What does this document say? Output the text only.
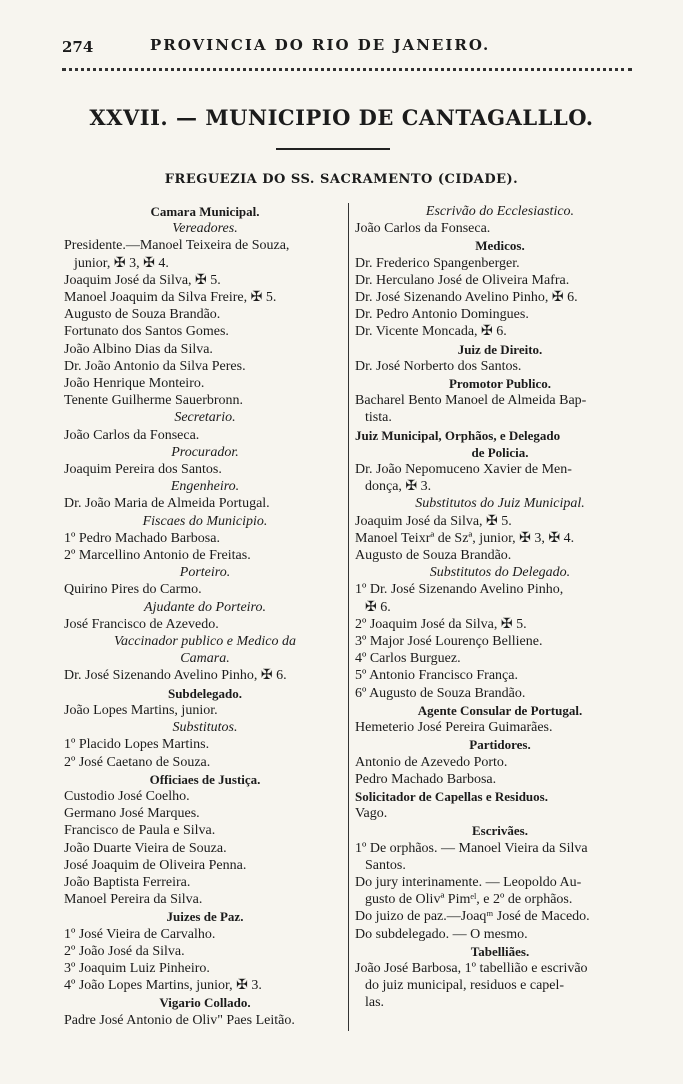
274	PROVINCIA DO RIO DE JANEIRO.
XXVII. — MUNICIPIO DE CANTAGALLLO.
FREGUEZIA DO SS. SACRAMENTO (CIDADE).
Camara Municipal.
Vereadores.
Presidente.—Manoel Teixeira de Souza,
junior, ✠ 3, ✠ 4.
Joaquim José da Silva, ✠ 5.
Manoel Joaquim da Silva Freire, ✠ 5.
Augusto de Souza Brandão.
Fortunato dos Santos Gomes.
João Albino Dias da Silva.
Dr. João Antonio da Silva Peres.
João Henrique Monteiro.
Tenente Guilherme Sauerbronn.
Secretario.
João Carlos da Fonseca.
Procurador.
Joaquim Pereira dos Santos.
Engenheiro.
Dr. João Maria de Almeida Portugal.
Fiscaes do Municipio.
1º Pedro Machado Barbosa.
2º Marcellino Antonio de Freitas.
Porteiro.
Quirino Pires do Carmo.
Ajudante do Porteiro.
José Francisco de Azevedo.
Vaccinador publico e Medico da
Camara.
Dr. José Sizenando Avelino Pinho, ✠ 6.
Subdelegado.
João Lopes Martins, junior.
Substitutos.
1º Placido Lopes Martins.
2º José Caetano de Souza.
Officiaes de Justiça.
Custodio José Coelho.
Germano José Marques.
Francisco de Paula e Silva.
João Duarte Vieira de Souza.
José Joaquim de Oliveira Penna.
João Baptista Ferreira.
Manoel Pereira da Silva.
Juizes de Paz.
1º José Vieira de Carvalho.
2º João José da Silva.
3º Joaquim Luiz Pinheiro.
4º João Lopes Martins, junior, ✠ 3.
Vigario Collado.
Padre José Antonio de Oliv" Paes Leitão.
Escrivão do Ecclesiastico.
João Carlos da Fonseca.
Medicos.
Dr. Frederico Spangenberger.
Dr. Herculano José de Oliveira Mafra.
Dr. José Sizenando Avelino Pinho, ✠ 6.
Dr. Pedro Antonio Domingues.
Dr. Vicente Moncada, ✠ 6.
Juiz de Direito.
Dr. José Norberto dos Santos.
Promotor Publico.
Bacharel Bento Manoel de Almeida Bap-
tista.
Juiz Municipal, Orphãos, e Delegado
de Policia.
Dr. João Nepomuceno Xavier de Men-
donça, ✠ 3.
Substitutos do Juiz Municipal.
Joaquim José da Silva, ✠ 5.
Manoel Teixrª de Szª, junior, ✠ 3, ✠ 4.
Augusto de Souza Brandão.
Substitutos do Delegado.
1º Dr. José Sizenando Avelino Pinho,
✠ 6.
2º Joaquim José da Silva, ✠ 5.
3º Major José Lourenço Belliene.
4º Carlos Burguez.
5º Antonio Francisco França.
6º Augusto de Souza Brandão.
Agente Consular de Portugal.
Hemeterio José Pereira Guimarães.
Partidores.
Antonio de Azevedo Porto.
Pedro Machado Barbosa.
Solicitador de Capellas e Residuos.
Vago.
Escrivães.
1º De orphãos. — Manoel Vieira da Silva
Santos.
Do jury interinamente. — Leopoldo Au-
gusto de Olivª Pimᵉˡ, e 2º de orphãos.
Do juizo de paz.—Joaqᵐ José de Macedo.
Do subdelegado. — O mesmo.
Tabelliães.
João José Barbosa, 1º tabellião e escrivão
do juiz municipal, residuos e capel-
las.
